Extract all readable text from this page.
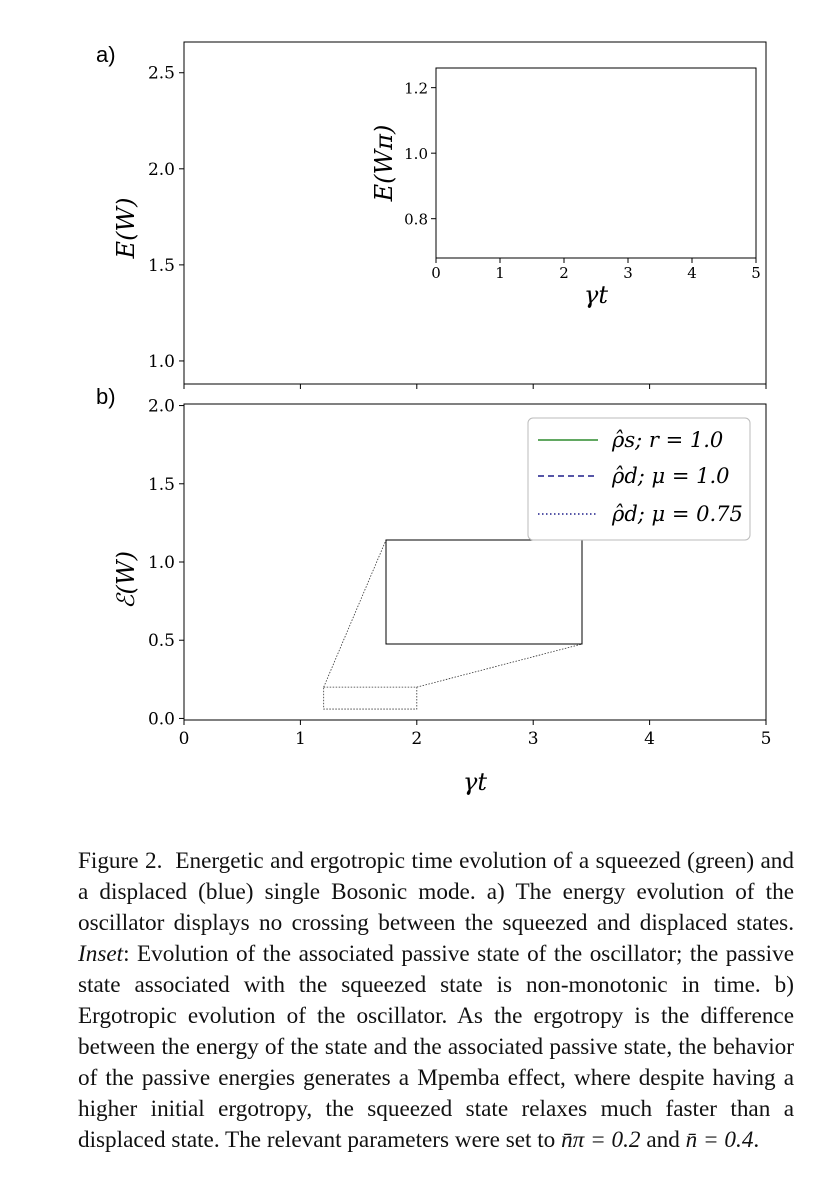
a)
b)
1.0
1.5
2.0
2.5
E(W)	0.8
1.0
1.2
0	1	2	3	4	5
E(Wπ)
γt
0.0
0.5
1.0
1.5
2.0
0	1	2	3	4	5
ℰ(W)
γt
ρ̂s; r = 1.0
ρ̂d; μ = 1.0
ρ̂d; μ = 0.75

Figure 2. Energetic and ergotropic time evolution of a squeezed (green) and a displaced (blue) single Bosonic mode. a) The energy evolution of the oscillator displays no crossing between the squeezed and displaced states. Inset: Evolution of the associated passive state of the oscillator; the passive state associated with the squeezed state is non-monotonic in time. b) Ergotropic evolution of the oscillator. As the ergotropy is the difference between the energy of the state and the associated passive state, the behavior of the passive energies generates a Mpemba effect, where despite having a higher initial ergotropy, the squeezed state relaxes much faster than a displaced state. The relevant parameters were set to n̄π = 0.2 and n̄ = 0.4.
